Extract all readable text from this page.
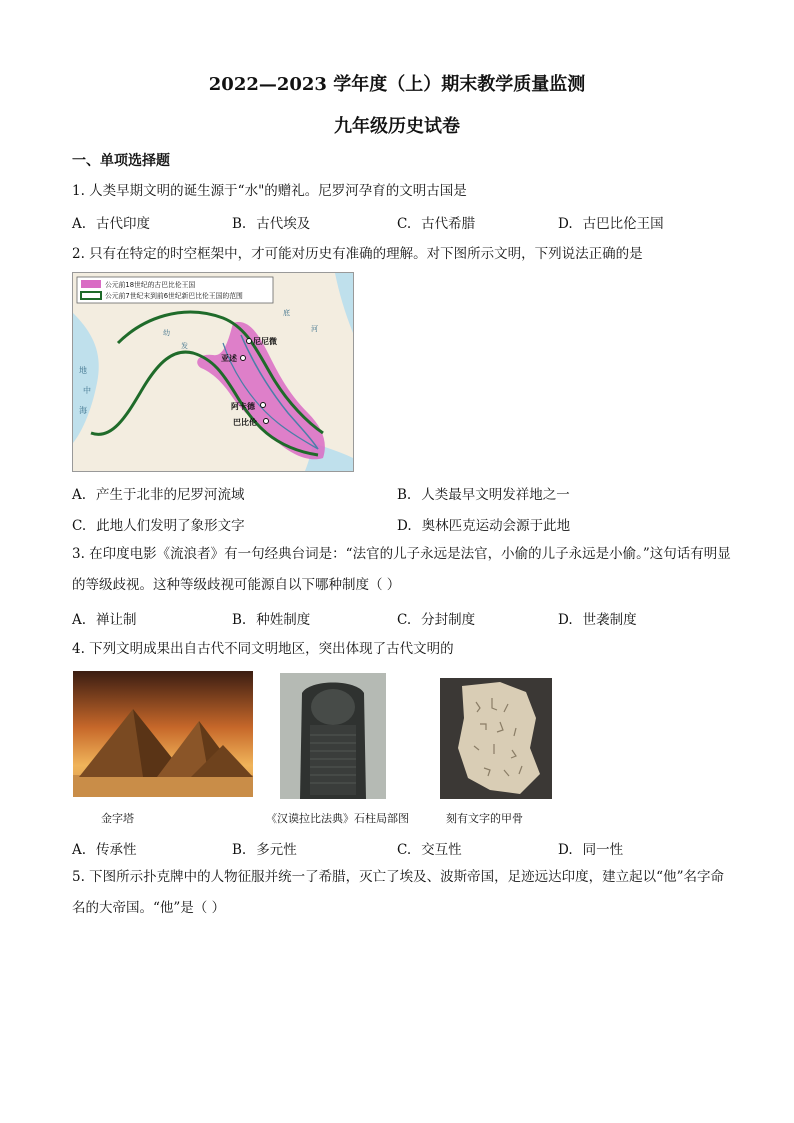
2022—2023 学年度（上）期末教学质量监测
九年级历史试卷
一、单项选择题
1. 人类早期文明的诞生源于“水"的赠礼。尼罗河孕育的文明古国是
A. 古代印度	B. 古代埃及	C. 古代希腊	D. 古巴比伦王国
2. 只有在特定的时空框架中，才可能对历史有准确的理解。对下图所示文明，下列说法正确的是
公元前18世纪的古巴比伦王国
公元前7世纪末到前6世纪新巴比伦王国的范围
尼尼微
亚述
阿卡德
巴比伦
地
中
海
幼
发
底
河
A. 产生于北非的尼罗河流域	B. 人类最早文明发祥地之一
C. 此地人们发明了象形文字	D. 奥林匹克运动会源于此地
3. 在印度电影《流浪者》有一句经典台词是：“法官的儿子永远是法官，小偷的儿子永远是小偷。”这句话有明显的等级歧视。这种等级歧视可能源自以下哪种制度（ ）
A. 禅让制	B. 种姓制度	C. 分封制度	D. 世袭制度
4. 下列文明成果出自古代不同文明地区，突出体现了古代文明的
金字塔	《汉谟拉比法典》石柱局部图	刻有文字的甲骨
A. 传承性	B. 多元性	C. 交互性	D. 同一性
5. 下图所示扑克牌中的人物征服并统一了希腊，灭亡了埃及、波斯帝国，足迹远达印度，建立起以“他”名字命名的大帝国。“他”是（ ）
